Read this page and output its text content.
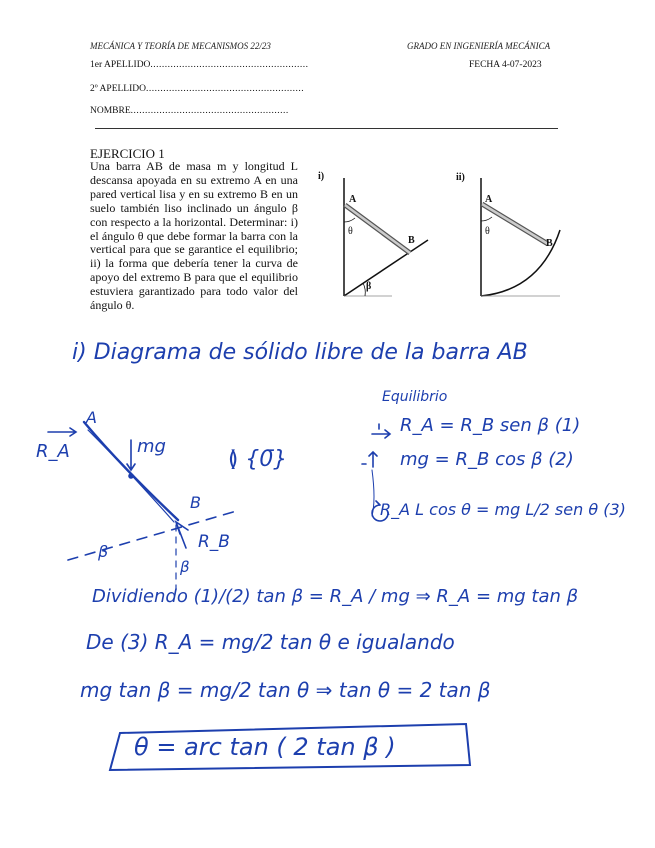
MECÁNICA Y TEORÍA DE MECANISMOS 22/23	GRADO EN INGENIERÍA MECÁNICA
1er APELLIDO.......................................................	FECHA 4-07-2023
2º APELLIDO.......................................................
NOMBRE.......................................................
EJERCICIO 1
Una barra AB de masa m y longitud L descansa apoyada en su extremo A en una pared vertical lisa y en su extremo B en un suelo también liso inclinado un ángulo β con respecto a la horizontal. Determinar: i) el ángulo θ que debe formar la barra con la vertical para que se garantice el equilibrio; ii) la forma que debería tener la curva de apoyo del extremo B para que el equilibrio estuviera garantizado para todo valor del ángulo θ.
i)	ii)
A
θ
B
β
A
θ
B
i) Diagrama de sólido libre de la barra AB
Equilibrio
R_A = R_B sen β (1)
mg = R_B cos β (2)
R_A L cos θ = mg L/2 sen θ (3)
R_A
A
mg
B
R_B
β
β
≬ {0̄}
Dividiendo (1)/(2) tan β = R_A / mg ⇒ R_A = mg tan β
De (3) R_A = mg/2 tan θ e igualando
mg tan β = mg/2 tan θ ⇒ tan θ = 2 tan β
θ = arc tan ( 2 tan β )
